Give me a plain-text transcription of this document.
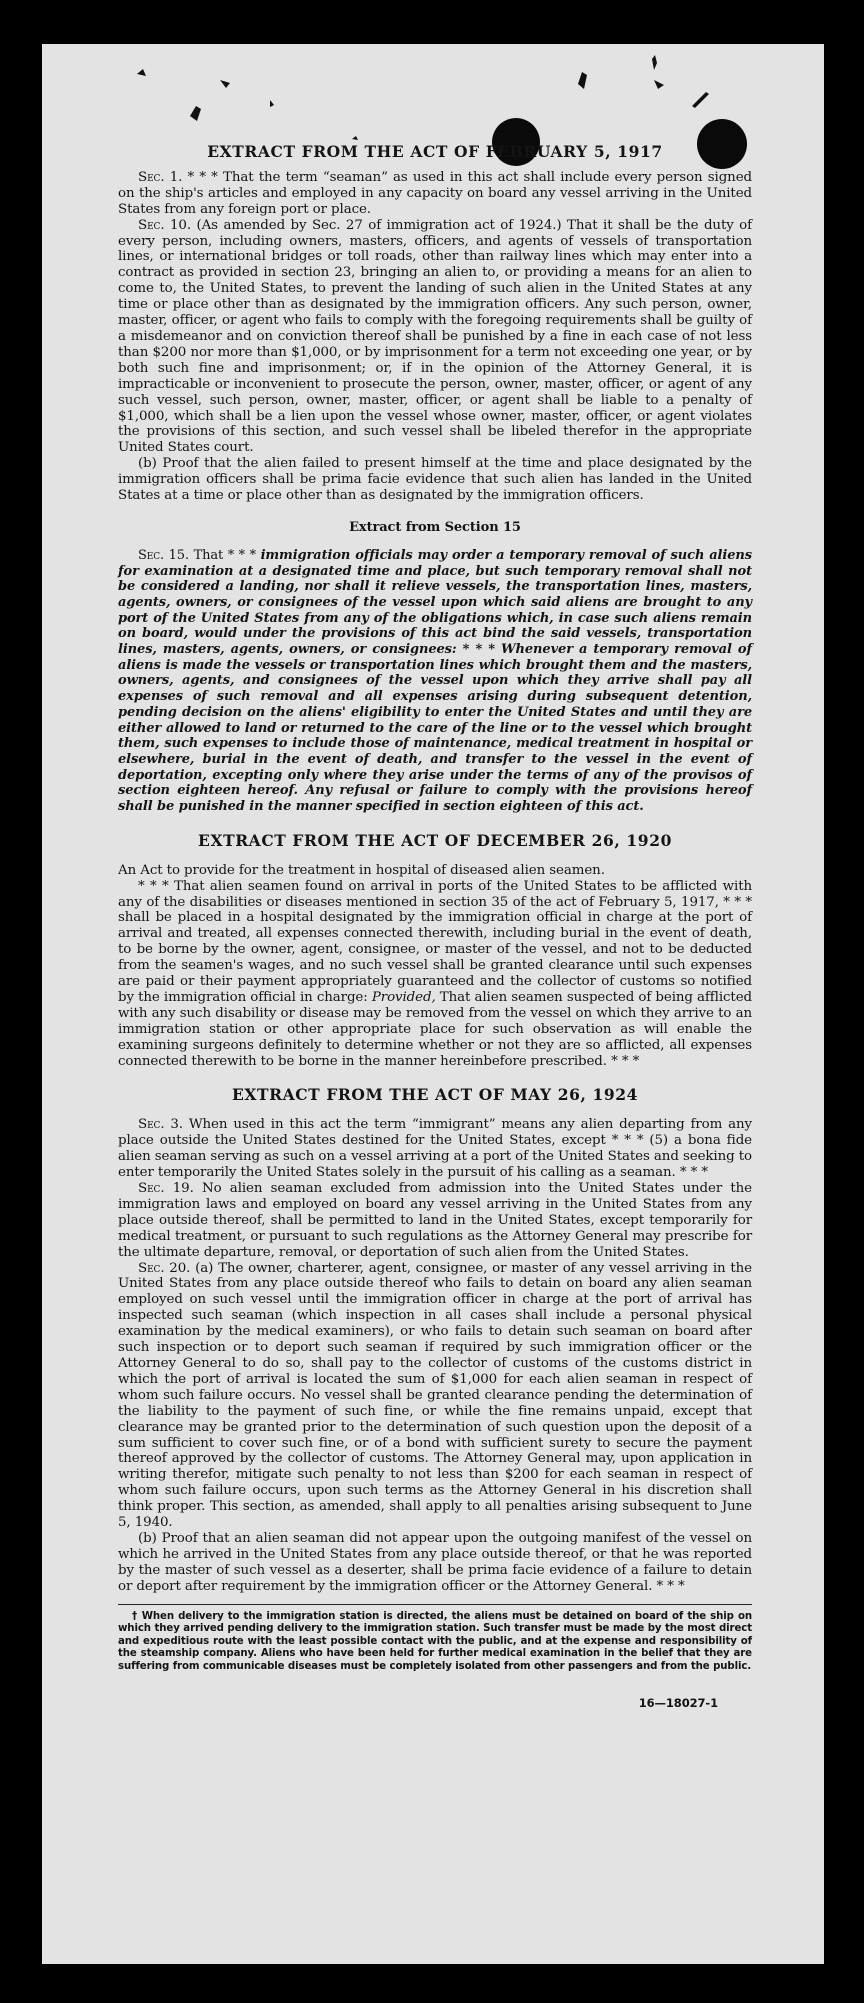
EXTRACT FROM THE ACT OF FEBRUARY 5, 1917

Sec. 1. * * * That the term “seaman” as used in this act shall include every person signed on the ship's articles and employed in any capacity on board any vessel arriving in the United States from any foreign port or place.

Sec. 10. (As amended by Sec. 27 of immigration act of 1924.) That it shall be the duty of every person, including owners, masters, officers, and agents of vessels of transportation lines, or international bridges or toll roads, other than railway lines which may enter into a contract as provided in section 23, bringing an alien to, or providing a means for an alien to come to, the United States, to prevent the landing of such alien in the United States at any time or place other than as designated by the immigration officers. Any such person, owner, master, officer, or agent who fails to comply with the foregoing requirements shall be guilty of a misdemeanor and on conviction thereof shall be punished by a fine in each case of not less than $200 nor more than $1,000, or by imprisonment for a term not exceeding one year, or by both such fine and imprisonment; or, if in the opinion of the Attorney General, it is impracticable or inconvenient to prosecute the person, owner, master, officer, or agent of any such vessel, such person, owner, master, officer, or agent shall be liable to a penalty of $1,000, which shall be a lien upon the vessel whose owner, master, officer, or agent violates the provisions of this section, and such vessel shall be libeled therefor in the appropriate United States court.

(b) Proof that the alien failed to present himself at the time and place designated by the immigration officers shall be prima facie evidence that such alien has landed in the United States at a time or place other than as designated by the immigration officers.

Extract from Section 15

Sec. 15. That * * * immigration officials may order a temporary removal of such aliens for examination at a designated time and place, but such temporary removal shall not be considered a landing, nor shall it relieve vessels, the transportation lines, masters, agents, owners, or consignees of the vessel upon which said aliens are brought to any port of the United States from any of the obligations which, in case such aliens remain on board, would under the provisions of this act bind the said vessels, transportation lines, masters, agents, owners, or consignees: * * * Whenever a temporary removal of aliens is made the vessels or transportation lines which brought them and the masters, owners, agents, and consignees of the vessel upon which they arrive shall pay all expenses of such removal and all expenses arising during subsequent detention, pending decision on the aliens' eligibility to enter the United States and until they are either allowed to land or returned to the care of the line or to the vessel which brought them, such expenses to include those of maintenance, medical treatment in hospital or elsewhere, burial in the event of death, and transfer to the vessel in the event of deportation, excepting only where they arise under the terms of any of the provisos of section eighteen hereof. Any refusal or failure to comply with the provisions hereof shall be punished in the manner specified in section eighteen of this act.

EXTRACT FROM THE ACT OF DECEMBER 26, 1920

An Act to provide for the treatment in hospital of diseased alien seamen.

* * * That alien seamen found on arrival in ports of the United States to be afflicted with any of the disabilities or diseases mentioned in section 35 of the act of February 5, 1917, * * * shall be placed in a hospital designated by the immigration official in charge at the port of arrival and treated, all expenses connected therewith, including burial in the event of death, to be borne by the owner, agent, consignee, or master of the vessel, and not to be deducted from the seamen's wages, and no such vessel shall be granted clearance until such expenses are paid or their payment appropriately guaranteed and the collector of customs so notified by the immigration official in charge: Provided, That alien seamen suspected of being afflicted with any such disability or disease may be removed from the vessel on which they arrive to an immigration station or other appropriate place for such observation as will enable the examining surgeons definitely to determine whether or not they are so afflicted, all expenses connected therewith to be borne in the manner hereinbefore prescribed. * * *

EXTRACT FROM THE ACT OF MAY 26, 1924

Sec. 3. When used in this act the term “immigrant” means any alien departing from any place outside the United States destined for the United States, except * * * (5) a bona fide alien seaman serving as such on a vessel arriving at a port of the United States and seeking to enter temporarily the United States solely in the pursuit of his calling as a seaman. * * *

Sec. 19. No alien seaman excluded from admission into the United States under the immigration laws and employed on board any vessel arriving in the United States from any place outside thereof, shall be permitted to land in the United States, except temporarily for medical treatment, or pursuant to such regulations as the Attorney General may prescribe for the ultimate departure, removal, or deportation of such alien from the United States.

Sec. 20. (a) The owner, charterer, agent, consignee, or master of any vessel arriving in the United States from any place outside thereof who fails to detain on board any alien seaman employed on such vessel until the immigration officer in charge at the port of arrival has inspected such seaman (which inspection in all cases shall include a personal physical examination by the medical examiners), or who fails to detain such seaman on board after such inspection or to deport such seaman if required by such immigration officer or the Attorney General to do so, shall pay to the collector of customs of the customs district in which the port of arrival is located the sum of $1,000 for each alien seaman in respect of whom such failure occurs. No vessel shall be granted clearance pending the determination of the liability to the payment of such fine, or while the fine remains unpaid, except that clearance may be granted prior to the determination of such question upon the deposit of a sum sufficient to cover such fine, or of a bond with sufficient surety to secure the payment thereof approved by the collector of customs. The Attorney General may, upon application in writing therefor, mitigate such penalty to not less than $200 for each seaman in respect of whom such failure occurs, upon such terms as the Attorney General in his discretion shall think proper. This section, as amended, shall apply to all penalties arising subsequent to June 5, 1940.

(b) Proof that an alien seaman did not appear upon the outgoing manifest of the vessel on which he arrived in the United States from any place outside thereof, or that he was reported by the master of such vessel as a deserter, shall be prima facie evidence of a failure to detain or deport after requirement by the immigration officer or the Attorney General. * * *

† When delivery to the immigration station is directed, the aliens must be detained on board of the ship on which they arrived pending delivery to the immigration station. Such transfer must be made by the most direct and expeditious route with the least possible contact with the public, and at the expense and responsibility of the steamship company. Aliens who have been held for further medical examination in the belief that they are suffering from communicable diseases must be completely isolated from other passengers and from the public.

16—18027-1
